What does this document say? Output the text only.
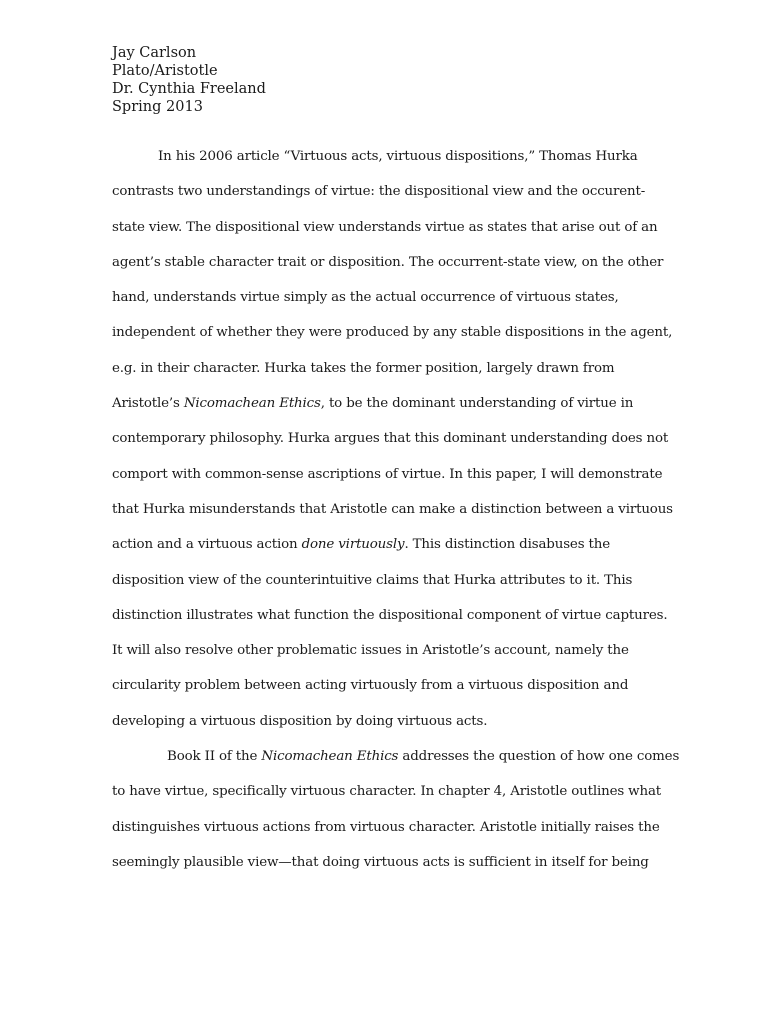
Jay Carlson
Plato/Aristotle
Dr. Cynthia Freeland
Spring 2013
In his 2006 article “Virtuous acts, virtuous dispositions,” Thomas Hurka
contrasts two understandings of virtue: the dispositional view and the occurent-
state view. The dispositional view understands virtue as states that arise out of an
agent’s stable character trait or disposition. The occurrent-state view, on the other
hand, understands virtue simply as the actual occurrence of virtuous states,
independent of whether they were produced by any stable dispositions in the agent,
e.g. in their character. Hurka takes the former position, largely drawn from
Aristotle’s Nicomachean Ethics, to be the dominant understanding of virtue in
contemporary philosophy. Hurka argues that this dominant understanding does not
comport with common-sense ascriptions of virtue. In this paper, I will demonstrate
that Hurka misunderstands that Aristotle can make a distinction between a virtuous
action and a virtuous action done virtuously. This distinction disabuses the
disposition view of the counterintuitive claims that Hurka attributes to it. This
distinction illustrates what function the dispositional component of virtue captures.
It will also resolve other problematic issues in Aristotle’s account, namely the
circularity problem between acting virtuously from a virtuous disposition and
developing a virtuous disposition by doing virtuous acts.
Book II of the Nicomachean Ethics addresses the question of how one comes
to have virtue, specifically virtuous character. In chapter 4, Aristotle outlines what
distinguishes virtuous actions from virtuous character. Aristotle initially raises the
seemingly plausible view—that doing virtuous acts is sufficient in itself for being
